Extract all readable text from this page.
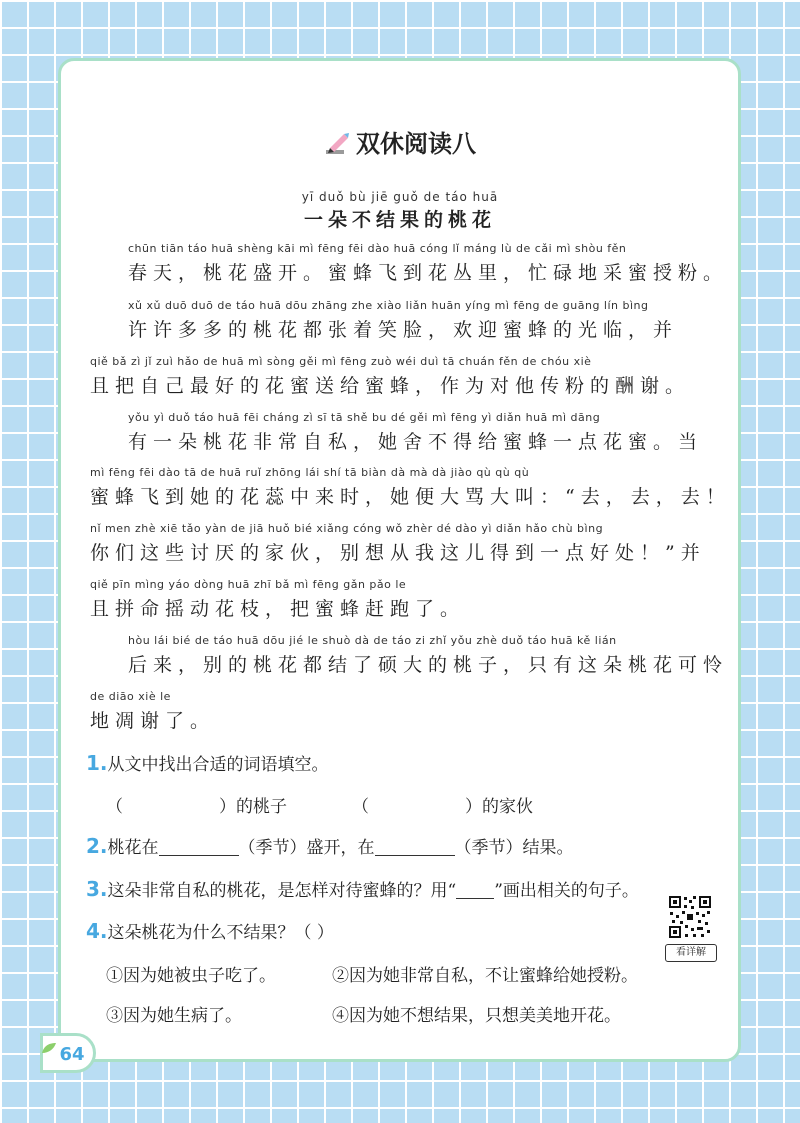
双休阅读八
yī duǒ bù jiē guǒ de táo huā
一朵不结果的桃花
chūn tiān táo huā shèng kāi mì fēng fēi dào huā cóng lǐ máng lù de cǎi mì shòu fěn
春天，桃花盛开。蜜蜂飞到花丛里，忙碌地采蜜授粉。
xǔ xǔ duō duō de táo huā dōu zhāng zhe xiào liǎn huān yíng mì fēng de guāng lín bìng
许许多多的桃花都张着笑脸，欢迎蜜蜂的光临，并
qiě bǎ zì jǐ zuì hǎo de huā mì sòng gěi mì fēng zuò wéi duì tā chuán fěn de chóu xiè
且把自己最好的花蜜送给蜜蜂，作为对他传粉的酬谢。
yǒu yì duǒ táo huā fēi cháng zì sī tā shě bu dé gěi mì fēng yì diǎn huā mì dāng
有一朵桃花非常自私，她舍不得给蜜蜂一点花蜜。当
mì fēng fēi dào tā de huā ruǐ zhōng lái shí tā biàn dà mà dà jiào qù qù qù
蜜蜂飞到她的花蕊中来时，她便大骂大叫：“去，去，去！
nǐ men zhè xiē tǎo yàn de jiā huǒ bié xiǎng cóng wǒ zhèr dé dào yì diǎn hǎo chù bìng
你们这些讨厌的家伙，别想从我这儿得到一点好处！”并
qiě pīn mìng yáo dòng huā zhī bǎ mì fēng gǎn pǎo le
且拼命摇动花枝，把蜜蜂赶跑了。
hòu lái bié de táo huā dōu jié le shuò dà de táo zi zhǐ yǒu zhè duǒ táo huā kě lián
后来，别的桃花都结了硕大的桃子，只有这朵桃花可怜
de diāo xiè le
地凋谢了。
1.从文中找出合适的词语填空。
（	）的桃子	（	）的家伙
2.桃花在	（季节）盛开，在	（季节）结果。
3.这朵非常自私的桃花，是怎样对待蜜蜂的？用“ ”画出相关的句子。
4.这朵桃花为什么不结果？（ ）
①因为她被虫子吃了。	②因为她非常自私，不让蜜蜂给她授粉。
③因为她生病了。	④因为她不想结果，只想美美地开花。
看详解
64
